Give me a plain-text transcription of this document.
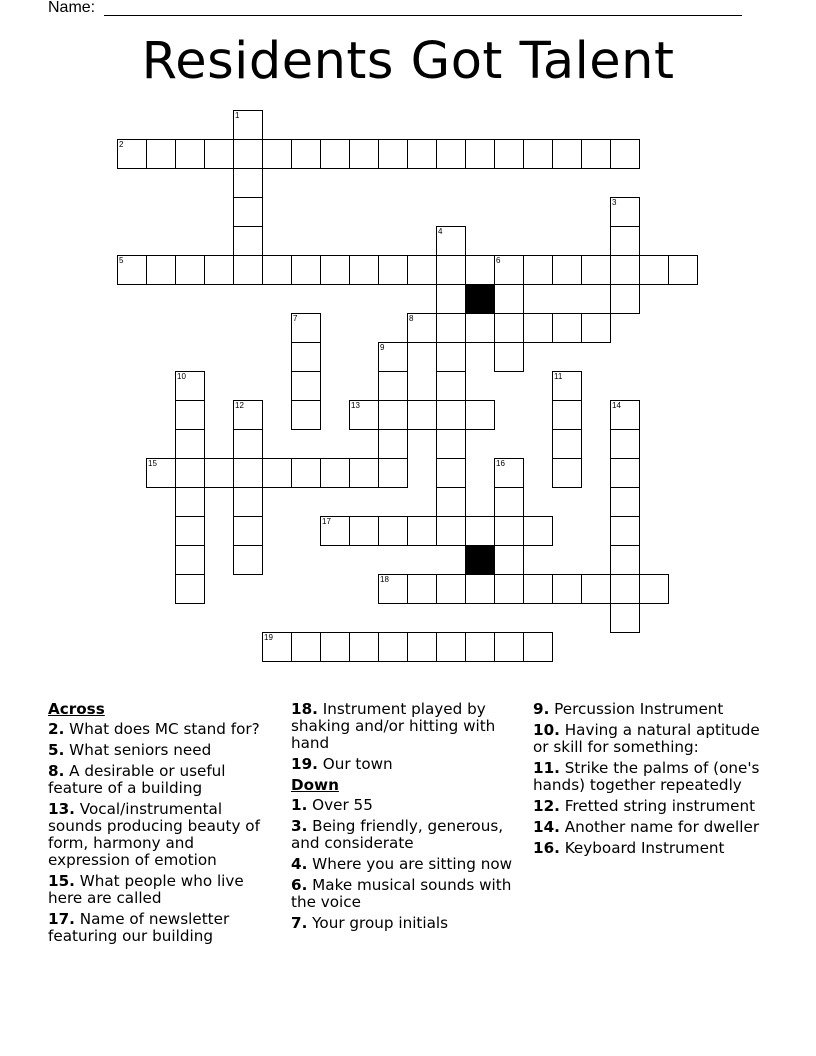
Name:
Residents Got Talent
2
5	6
8
13
15
17
18
19
1
3
4
7
9
10	11
12	14
16
Across
2. What does MC stand for?
5. What seniors need
8. A desirable or useful feature of a building
13. Vocal/instrumental sounds producing beauty of form, harmony and expression of emotion
15. What people who live here are called
17. Name of newsletter featuring our building
18. Instrument played by shaking and/or hitting with hand
19. Our town
Down
1. Over 55
3. Being friendly, generous, and considerate
4. Where you are sitting now
6. Make musical sounds with the voice
7. Your group initials
9. Percussion Instrument
10. Having a natural aptitude or skill for something:
11. Strike the palms of (one's hands) together repeatedly
12. Fretted string instrument
14. Another name for dweller
16. Keyboard Instrument
